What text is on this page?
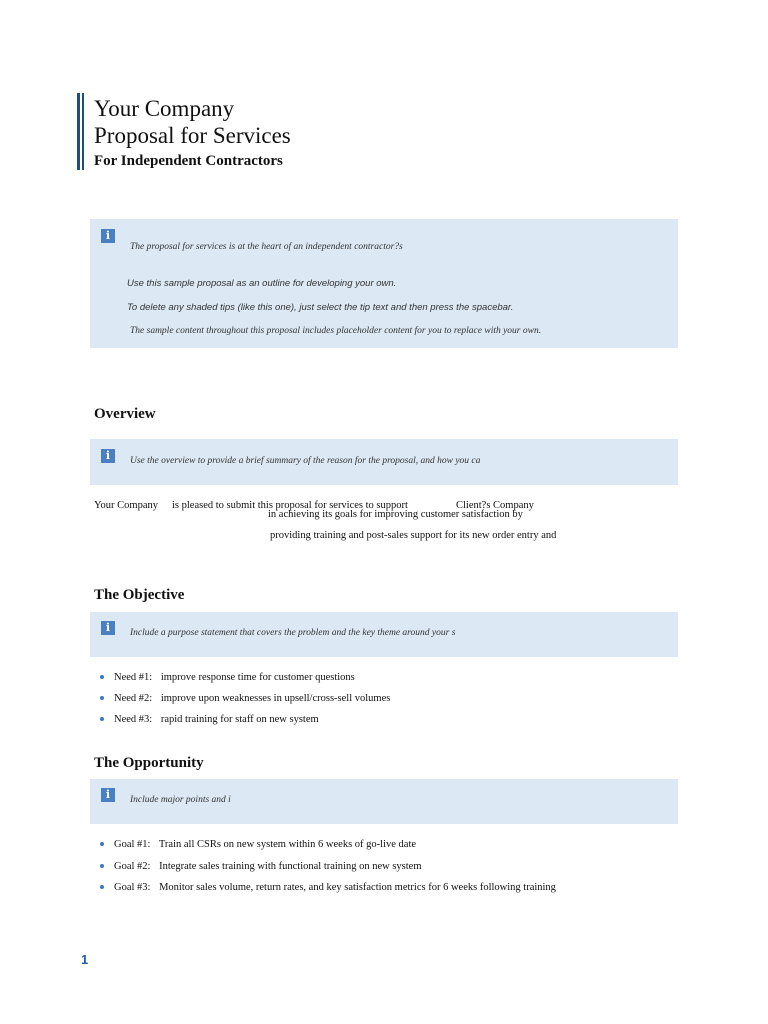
Your Company
Proposal for Services
For Independent Contractors
i
The proposal for services is at the heart of an independent contractor?s
Use this sample proposal as an outline for developing your own.
To delete any shaded tips (like this one), just select the tip text and then press the spacebar.
The sample content throughout this proposal includes placeholder content for you to replace with your own.
Overview
i	Use the overview to provide a brief summary of the reason for the proposal, and how you ca
Your Company is pleased to submit this proposal for services to support	Client?s Company
in achieving its goals for improving customer satisfaction by
providing training and post-sales support for its new order entry and
The Objective
i	Include a purpose statement that covers the problem and the key theme around your s
Need #1: improve response time for customer questions
Need #2: improve upon weaknesses in upsell/cross-sell volumes
Need #3: rapid training for staff on new system
The Opportunity
i	Include major points and i
Goal #1: Train all CSRs on new system within 6 weeks of go-live date
Goal #2: Integrate sales training with functional training on new system
Goal #3: Monitor sales volume, return rates, and key satisfaction metrics for 6 weeks following training
1
